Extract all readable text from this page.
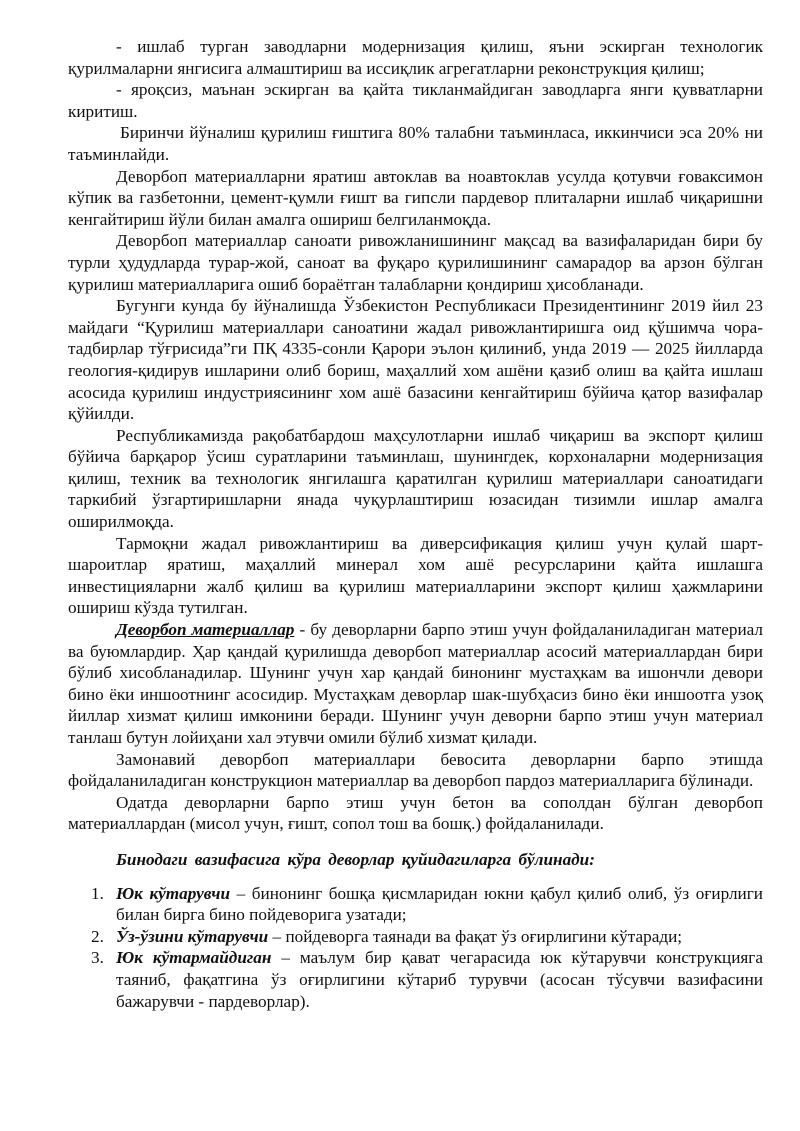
- ишлаб турган заводларни модернизация қилиш, яъни эскирган технологик қурилмаларни янгисига алмаштириш ва иссиқлик агрегатларни реконструкция қилиш;

- яроқсиз, маънан эскирган ва қайта тикланмайдиган заводларга янги қувватларни киритиш.

Биринчи йўналиш қурилиш ғиштига 80% талабни таъминласа, иккинчиси эса 20% ни таъминлайди.

Деворбоп материалларни яратиш автоклав ва ноавтоклав усулда қотувчи ғоваксимон кўпик ва газбетонни, цемент-қумли ғишт ва гипсли пардевор плиталарни ишлаб чиқаришни кенгайтириш йўли билан амалга ошириш белгиланмоқда.

Деворбоп материаллар саноати ривожланишининг мақсад ва вазифаларидан бири бу турли ҳудудларда турар-жой, саноат ва фуқаро қурилишининг самарадор ва арзон бўлган қурилиш материалларига ошиб бораётган талабларни қондириш ҳисобланади.

Бугунги кунда бу йўналишда Ўзбекистон Республикаси Президентининг 2019 йил 23 майдаги “Қурилиш материаллари саноатини жадал ривожлантиришга оид қўшимча чора-тадбирлар тўғрисида”ги ПҚ 4335-сонли Қарори эълон қилиниб, унда 2019 — 2025 йилларда геология-қидирув ишларини олиб бориш, маҳаллий хом ашёни қазиб олиш ва қайта ишлаш асосида қурилиш индустриясининг хом ашё базасини кенгайтириш бўйича қатор вазифалар қўйилди.

Республикамизда рақобатбардош маҳсулотларни ишлаб чиқариш ва экспорт қилиш бўйича барқарор ўсиш суратларини таъминлаш, шунингдек, корхоналарни модернизация қилиш, техник ва технологик янгилашга қаратилган қурилиш материаллари саноатидаги таркибий ўзгартиришларни янада чуқурлаштириш юзасидан тизимли ишлар амалга оширилмоқда.

Тармоқни жадал ривожлантириш ва диверсификация қилиш учун қулай шарт-шароитлар яратиш, маҳаллий минерал хом ашё ресурсларини қайта ишлашга инвестицияларни жалб қилиш ва қурилиш материалларини экспорт қилиш ҳажмларини ошириш кўзда тутилган.

Деворбоп материаллар - бу деворларни барпо этиш учун фойдаланиладиган материал ва буюмлардир. Ҳар қандай қурилишда деворбоп материаллар асосий материаллардан бири бўлиб хисобланадилар. Шунинг учун хар қандай бинонинг мустаҳкам ва ишончли девори бино ёки иншоотнинг асосидир. Мустаҳкам деворлар шак-шубҳасиз бино ёки иншоотга узоқ йиллар хизмат қилиш имконини беради. Шунинг учун деворни барпо этиш учун материал танлаш бутун лойиҳани хал этувчи омили бўлиб хизмат қилади.

Замонавий деворбоп материаллари бевосита деворларни барпо этишда фойдаланиладиган конструкцион материаллар ва деворбоп пардоз материалларига бўлинади.

Одатда деворларни барпо этиш учун бетон ва сополдан бўлган деворбоп материаллардан (мисол учун, ғишт, сопол тош ва бошқ.) фойдаланилади.

Бинодаги вазифасига кўра деворлар қуйидагиларга бўлинади:

1. Юк кўтарувчи – бинонинг бошқа қисмларидан юкни қабул қилиб олиб, ўз оғирлиги билан бирга бино пойдеворига узатади;
2. Ўз-ўзини кўтарувчи – пойдеворга таянади ва фақат ўз оғирлигини кўтаради;
3. Юк кўтармайдиган – маълум бир қават чегарасида юк кўтарувчи конструкцияга таяниб, фақатгина ўз оғирлигини кўтариб турувчи (асосан тўсувчи вазифасини бажарувчи - пардеворлар).
